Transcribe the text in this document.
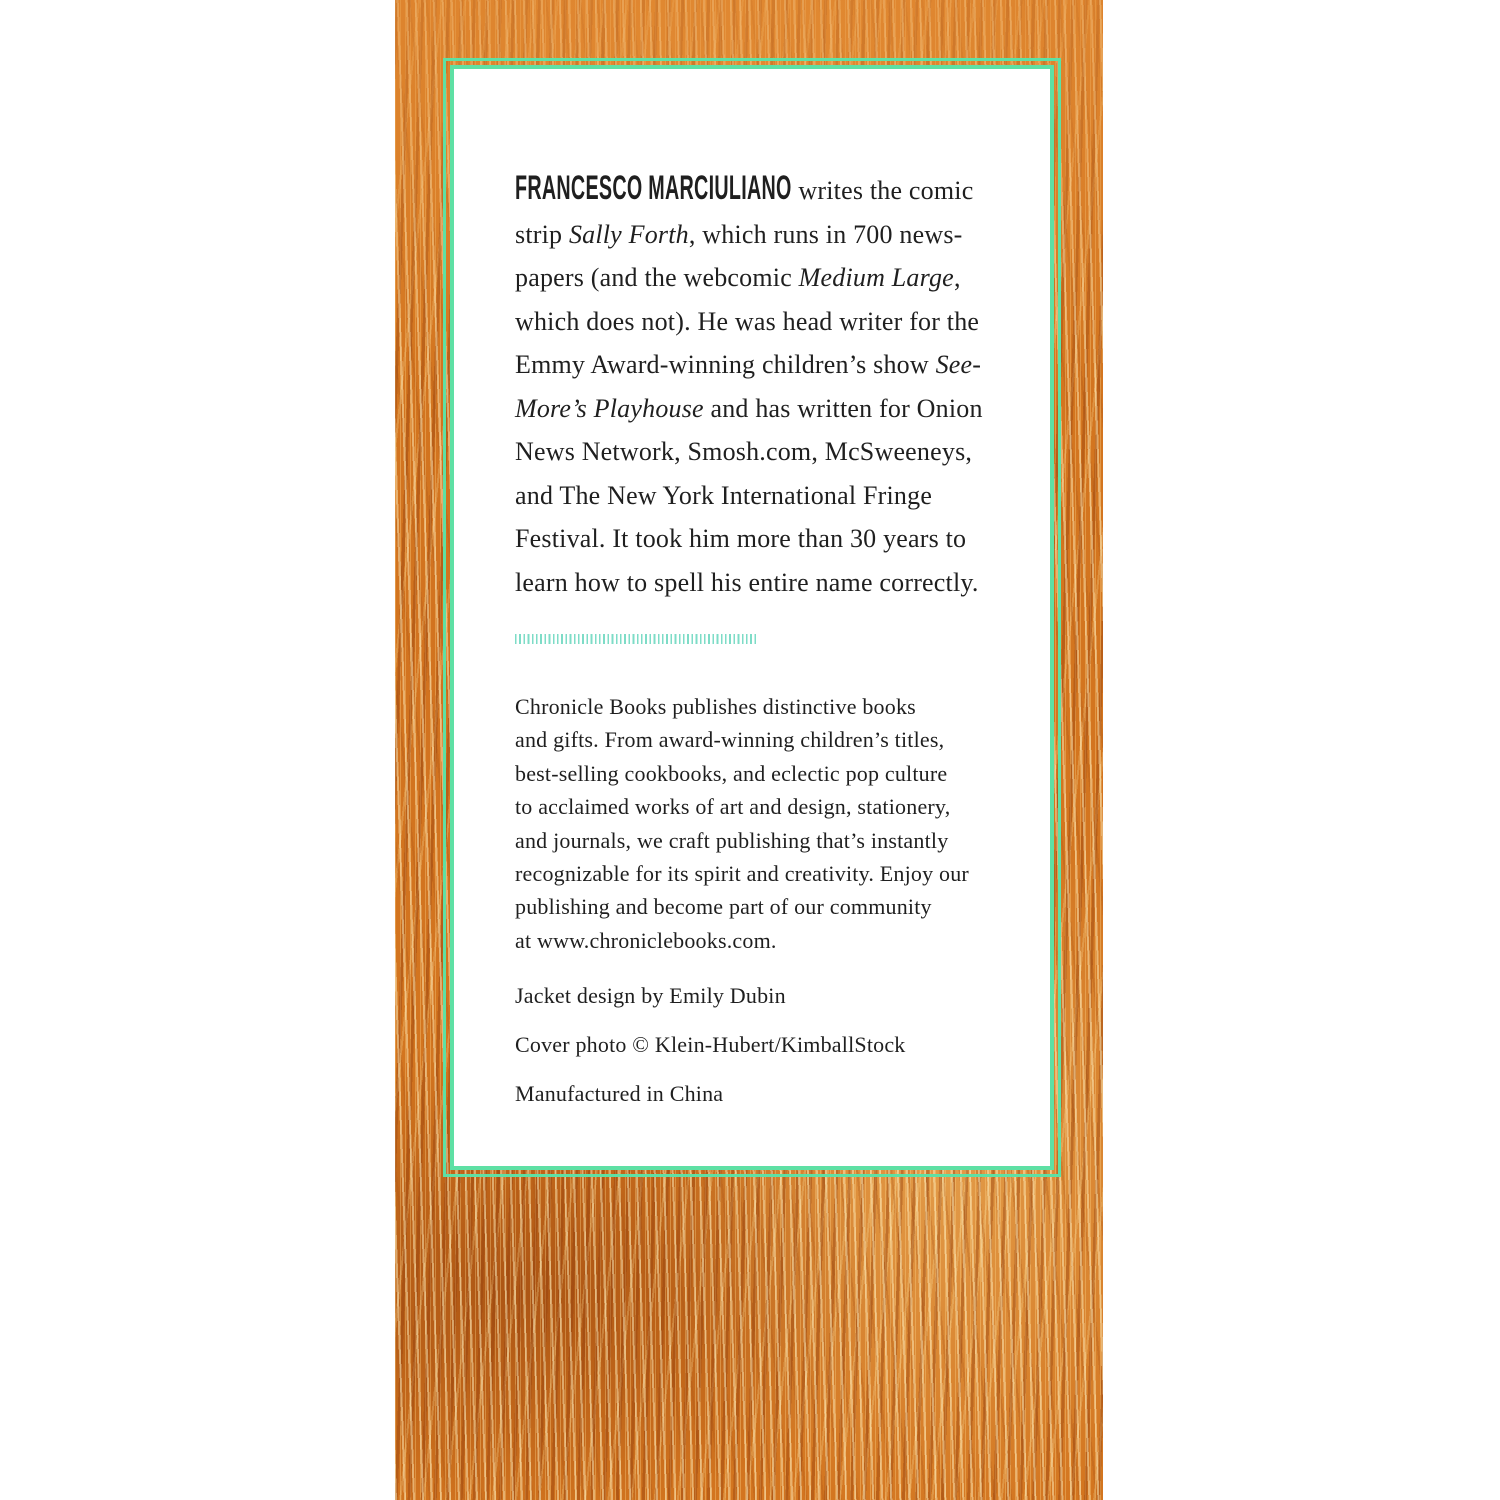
FRANCESCO MARCIULIANO writes the comic
strip Sally Forth, which runs in 700 news-
papers (and the webcomic Medium Large,
which does not). He was head writer for the
Emmy Award-winning children’s show See-
More’s Playhouse and has written for Onion
News Network, Smosh.com, McSweeneys,
and The New York International Fringe
Festival. It took him more than 30 years to
learn how to spell his entire name correctly.
Chronicle Books publishes distinctive books
and gifts. From award-winning children’s titles,
best-selling cookbooks, and eclectic pop culture
to acclaimed works of art and design, stationery,
and journals, we craft publishing that’s instantly
recognizable for its spirit and creativity. Enjoy our
publishing and become part of our community
at www.chroniclebooks.com.

Jacket design by Emily Dubin

Cover photo © Klein-Hubert/KimballStock

Manufactured in China
